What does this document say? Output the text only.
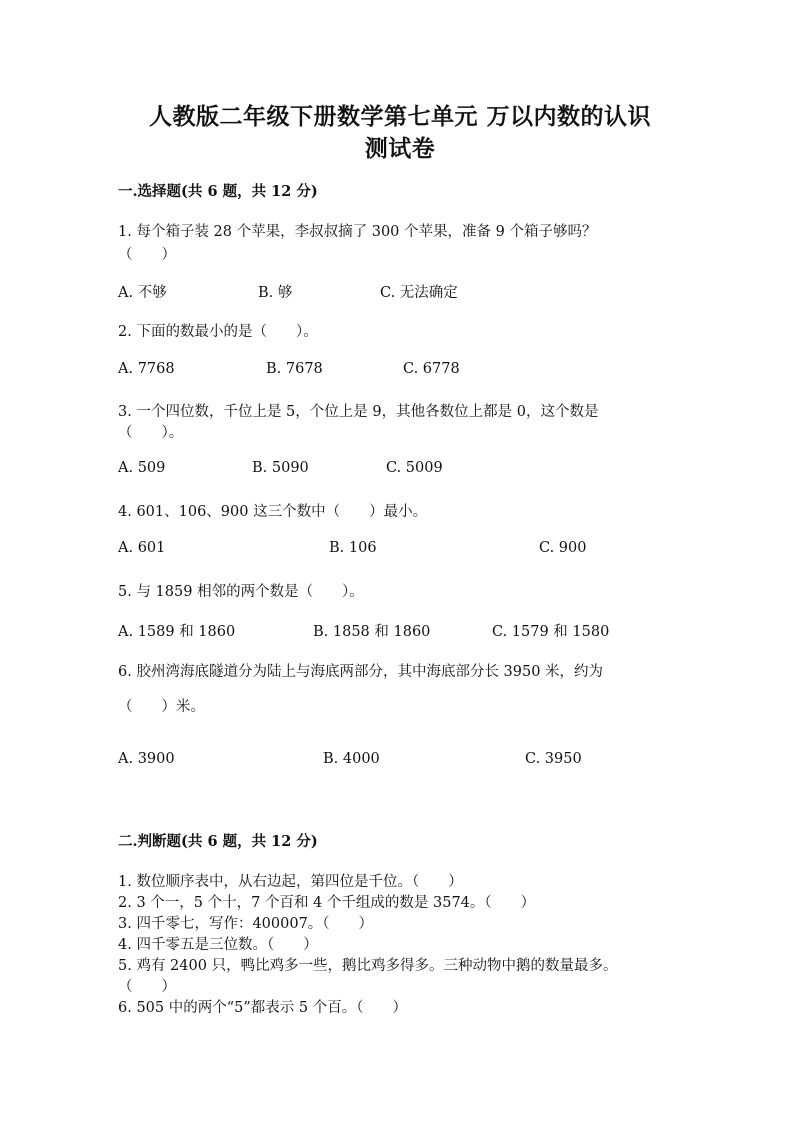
人教版二年级下册数学第七单元 万以内数的认识
测试卷
一.选择题(共 6 题，共 12 分)
1. 每个箱子装 28 个苹果，李叔叔摘了 300 个苹果，准备 9 个箱子够吗？
（　　）
A. 不够	B. 够	C. 无法确定
2. 下面的数最小的是（　　）。
A. 7768	B. 7678	C. 6778
3. 一个四位数，千位上是 5，个位上是 9，其他各数位上都是 0，这个数是
（　　）。
A. 509	B. 5090	C. 5009
4. 601、106、900 这三个数中（　　）最小。
A. 601	B. 106	C. 900
5. 与 1859 相邻的两个数是（　　）。
A. 1589 和 1860	B. 1858 和 1860	C. 1579 和 1580
6. 胶州湾海底隧道分为陆上与海底两部分，其中海底部分长 3950 米，约为
（　　）米。
A. 3900	B. 4000	C. 3950
二.判断题(共 6 题，共 12 分)
1. 数位顺序表中，从右边起，第四位是千位。（　　）
2. 3 个一，5 个十，7 个百和 4 个千组成的数是 3574。（　　）
3. 四千零七，写作：400007。（　　）
4. 四千零五是三位数。（　　）
5. 鸡有 2400 只，鸭比鸡多一些，鹅比鸡多得多。三种动物中鹅的数量最多。
（　　）
6. 505 中的两个“5”都表示 5 个百。（　　）
